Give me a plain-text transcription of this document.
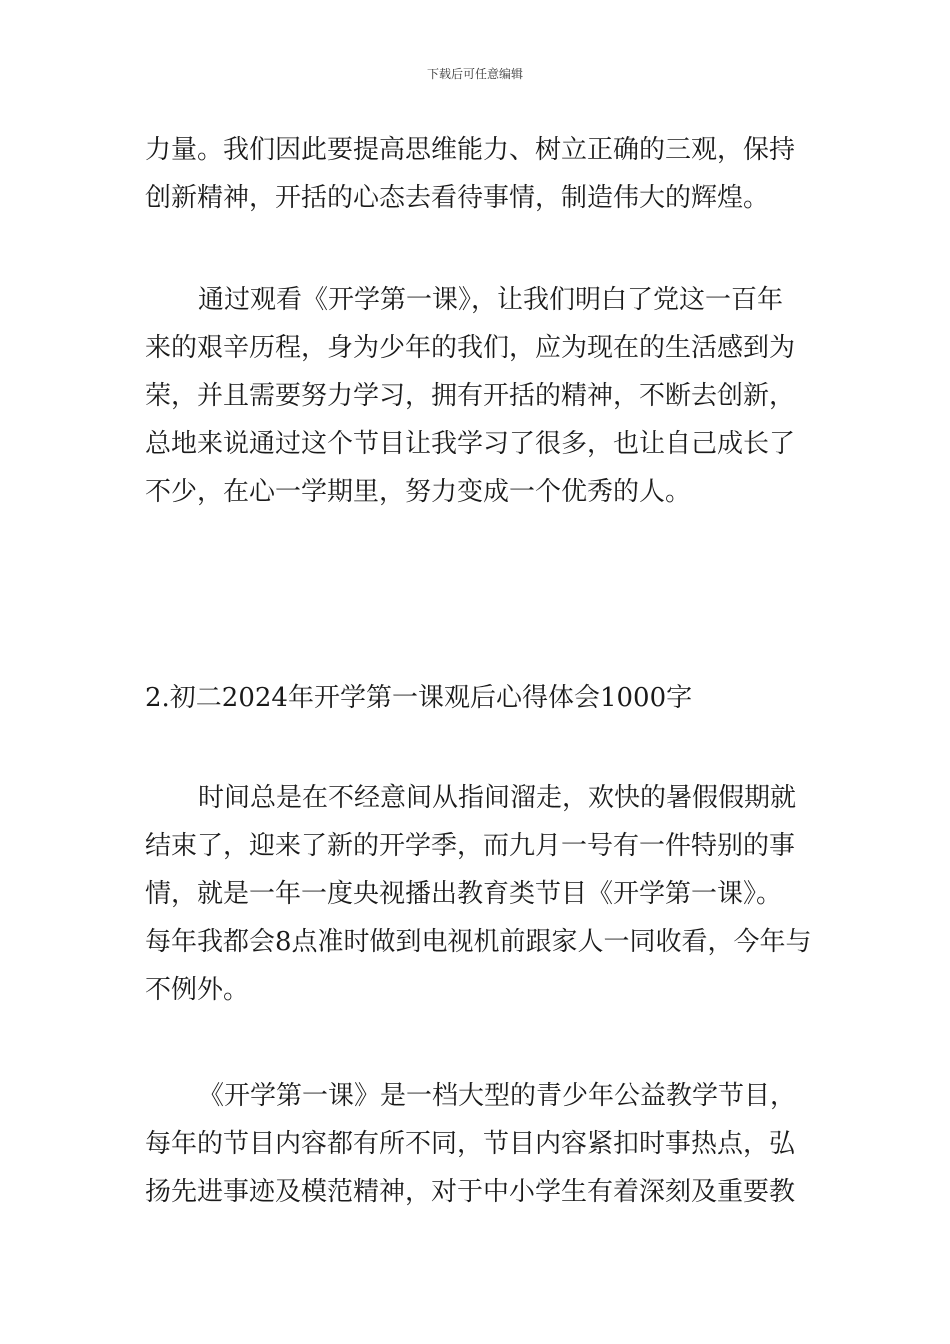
下载后可任意编辑
力量。我们因此要提高思维能力、树立正确的三观，保持
创新精神，开括的心态去看待事情，制造伟大的辉煌。
通过观看《开学第一课》，让我们明白了党这一百年
来的艰辛历程，身为少年的我们，应为现在的生活感到为
荣，并且需要努力学习，拥有开括的精神，不断去创新，
总地来说通过这个节目让我学习了很多，也让自己成长了
不少，在心一学期里，努力变成一个优秀的人。
2.初二2024年开学第一课观后心得体会1000字
时间总是在不经意间从指间溜走，欢快的暑假假期就
结束了，迎来了新的开学季，而九月一号有一件特别的事
情，就是一年一度央视播出教育类节目《开学第一课》。
每年我都会8点准时做到电视机前跟家人一同收看，今年与
不例外。
《开学第一课》是一档大型的青少年公益教学节目，
每年的节目内容都有所不同，节目内容紧扣时事热点，弘
扬先进事迹及模范精神，对于中小学生有着深刻及重要教
